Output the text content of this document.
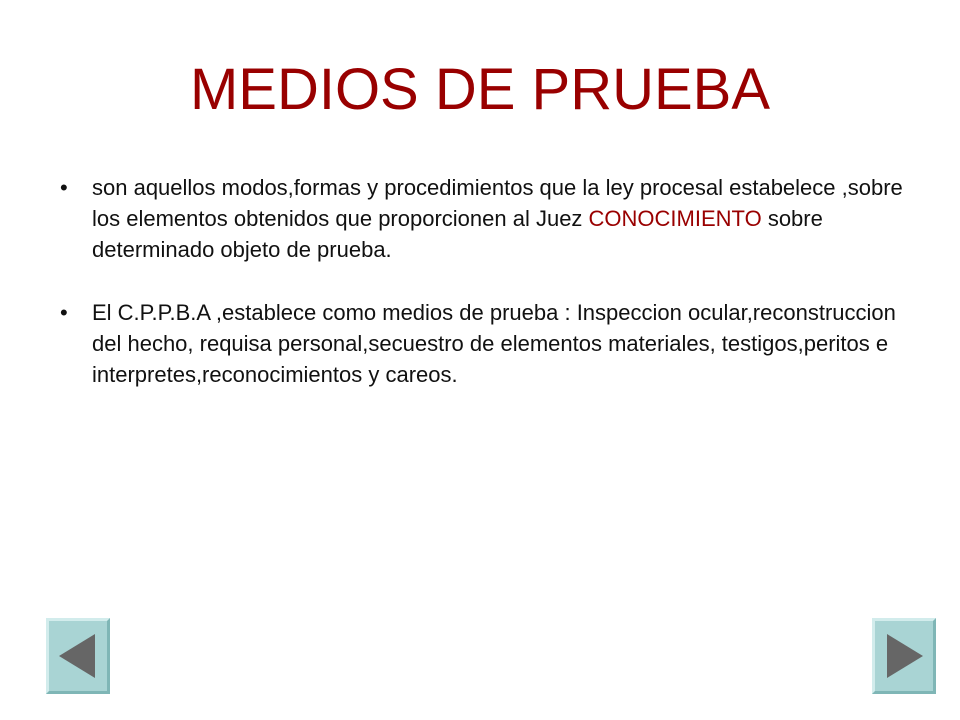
MEDIOS DE PRUEBA
•	son aquellos modos,formas y procedimientos que la ley procesal estabelece ,sobre los elementos obtenidos que proporcionen al Juez CONOCIMIENTO sobre determinado objeto de prueba.
•	El C.P.P.B.A ,establece como medios de prueba : Inspeccion ocular,reconstruccion del hecho, requisa personal,secuestro de elementos materiales, testigos,peritos e interpretes,reconocimientos y careos.
